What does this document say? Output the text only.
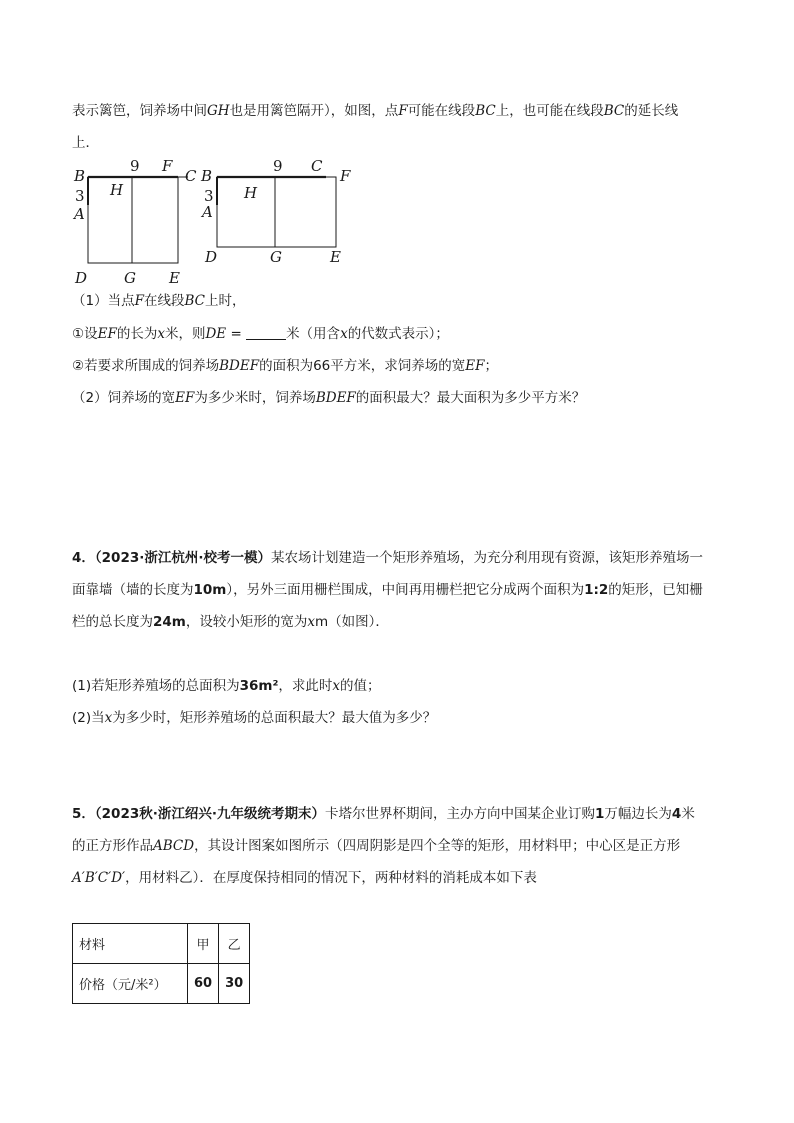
表示篱笆，饲养场中间GH也是用篱笆隔开），如图，点F可能在线段BC上，也可能在线段BC的延长线
上．
B
3
A
9 F
C
H
D G E
B
3
A
9 C
F
H
D	G	E
（1）当点F在线段BC上时，
①设EF的长为x米，则DE =	米（用含x的代数式表示）；
②若要求所围成的饲养场BDEF的面积为66平方米，求饲养场的宽EF；
（2）饲养场的宽EF为多少米时，饲养场BDEF的面积最大？最大面积为多少平方米？
4．（2023·浙江杭州·校考一模）某农场计划建造一个矩形养殖场，为充分利用现有资源，该矩形养殖场一
面靠墙（墙的长度为10m），另外三面用栅栏围成，中间再用栅栏把它分成两个面积为1:2的矩形，已知栅
栏的总长度为24m，设较小矩形的宽为xm（如图）．
(1)若矩形养殖场的总面积为36m²，求此时x的值；
(2)当x为多少时，矩形养殖场的总面积最大？最大值为多少？
5．（2023秋·浙江绍兴·九年级统考期末）卡塔尔世界杯期间，主办方向中国某企业订购1万幅边长为4米
的正方形作品ABCD，其设计图案如图所示（四周阴影是四个全等的矩形，用材料甲；中心区是正方形
A′B′C′D′，用材料乙）．在厚度保持相同的情况下，两种材料的消耗成本如下表
材料	甲	乙
价格（元/米²）	60	30
